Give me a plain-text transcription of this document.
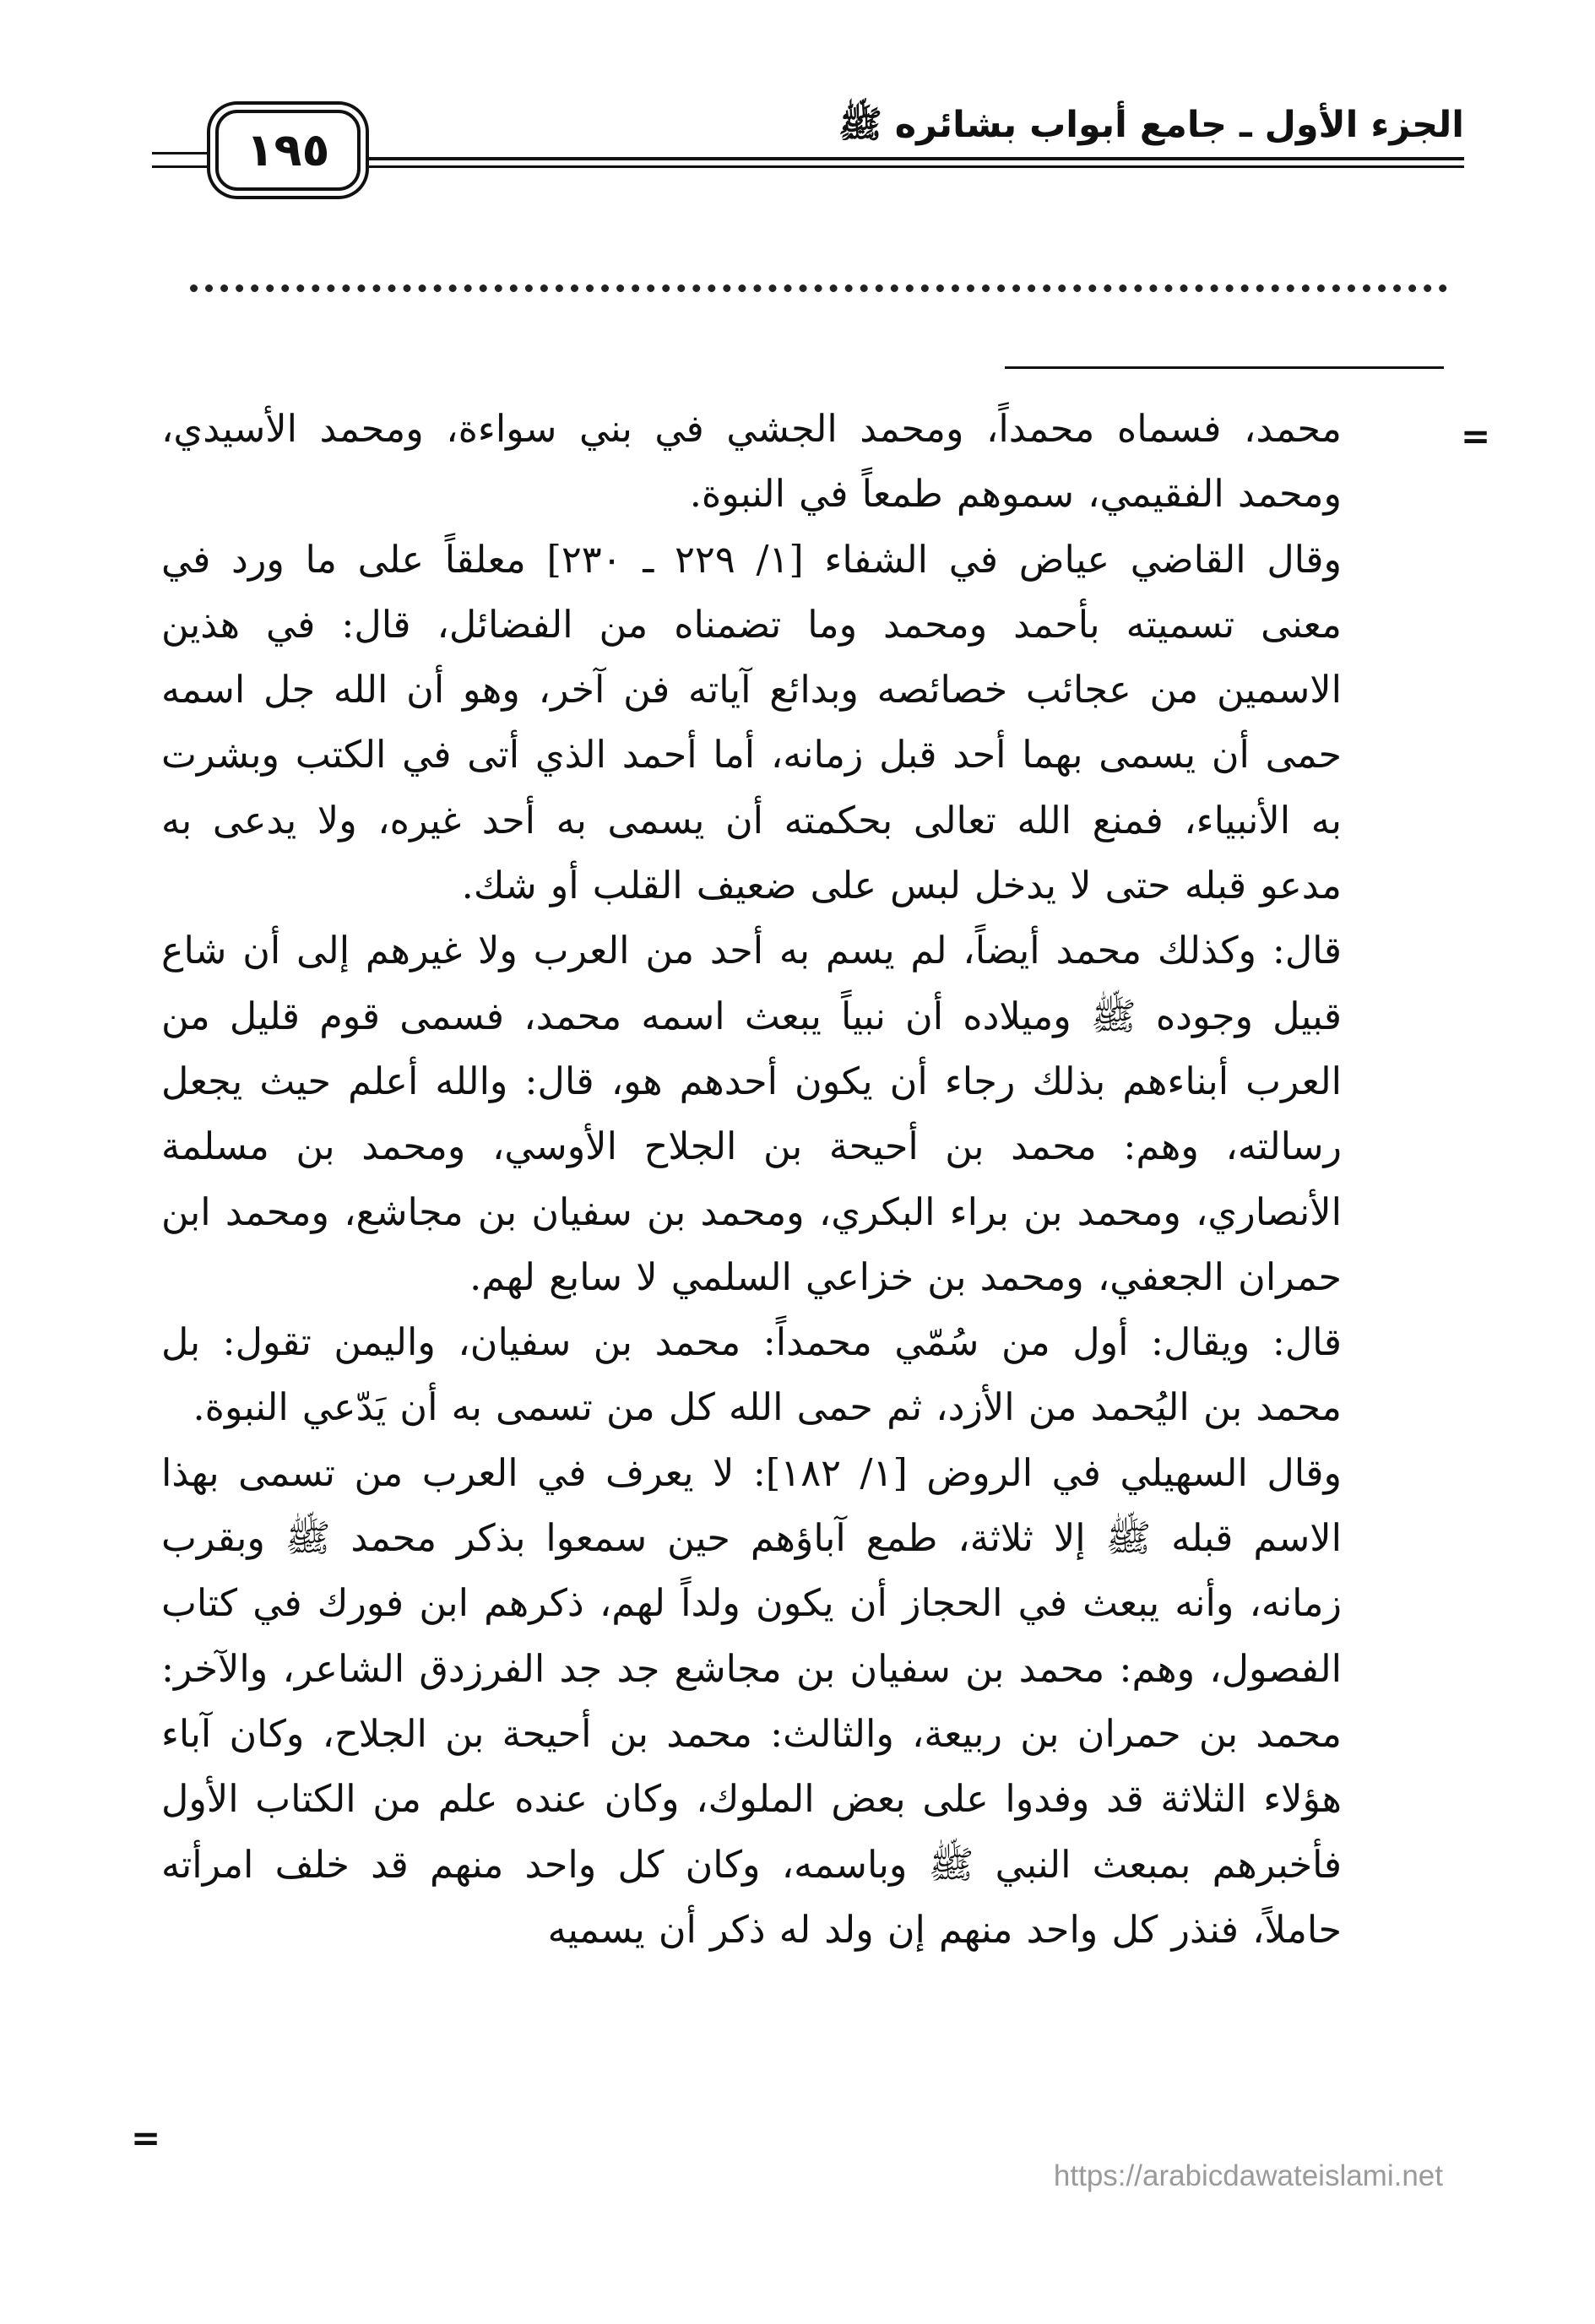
الجزء الأول ـ جامع أبواب بشائره ﷺ
١٩٥
=

محمد، فسماه محمداً، ومحمد الجشي في بني سواءة، ومحمد الأسيدي، ومحمد الفقيمي، سموهم طمعاً في النبوة.

وقال القاضي عياض في الشفاء [١/ ٢٢٩ ـ ٢٣٠] معلقاً على ما ورد في معنى تسميته بأحمد ومحمد وما تضمناه من الفضائل، قال: في هذين الاسمين من عجائب خصائصه وبدائع آياته فن آخر، وهو أن الله جل اسمه حمى أن يسمى بهما أحد قبل زمانه، أما أحمد الذي أتى في الكتب وبشرت به الأنبياء، فمنع الله تعالى بحكمته أن يسمى به أحد غيره، ولا يدعى به مدعو قبله حتى لا يدخل لبس على ضعيف القلب أو شك.

قال: وكذلك محمد أيضاً، لم يسم به أحد من العرب ولا غيرهم إلى أن شاع قبيل وجوده ﷺ وميلاده أن نبياً يبعث اسمه محمد، فسمى قوم قليل من العرب أبناءهم بذلك رجاء أن يكون أحدهم هو، قال: والله أعلم حيث يجعل رسالته، وهم: محمد بن أحيحة بن الجلاح الأوسي، ومحمد بن مسلمة الأنصاري، ومحمد بن براء البكري، ومحمد بن سفيان بن مجاشع، ومحمد ابن حمران الجعفي، ومحمد بن خزاعي السلمي لا سابع لهم.

قال: ويقال: أول من سُمّي محمداً: محمد بن سفيان، واليمن تقول: بل محمد بن اليُحمد من الأزد، ثم حمى الله كل من تسمى به أن يَدّعي النبوة.

وقال السهيلي في الروض [١/ ١٨٢]: لا يعرف في العرب من تسمى بهذا الاسم قبله ﷺ إلا ثلاثة، طمع آباؤهم حين سمعوا بذكر محمد ﷺ وبقرب زمانه، وأنه يبعث في الحجاز أن يكون ولداً لهم، ذكرهم ابن فورك في كتاب الفصول، وهم: محمد بن سفيان بن مجاشع جد جد الفرزدق الشاعر، والآخر: محمد بن حمران بن ربيعة، والثالث: محمد بن أحيحة بن الجلاح، وكان آباء هؤلاء الثلاثة قد وفدوا على بعض الملوك، وكان عنده علم من الكتاب الأول فأخبرهم بمبعث النبي ﷺ وباسمه، وكان كل واحد منهم قد خلف امرأته حاملاً، فنذر كل واحد منهم إن ولد له ذكر أن يسميه

=

https://arabicdawateislami.net
